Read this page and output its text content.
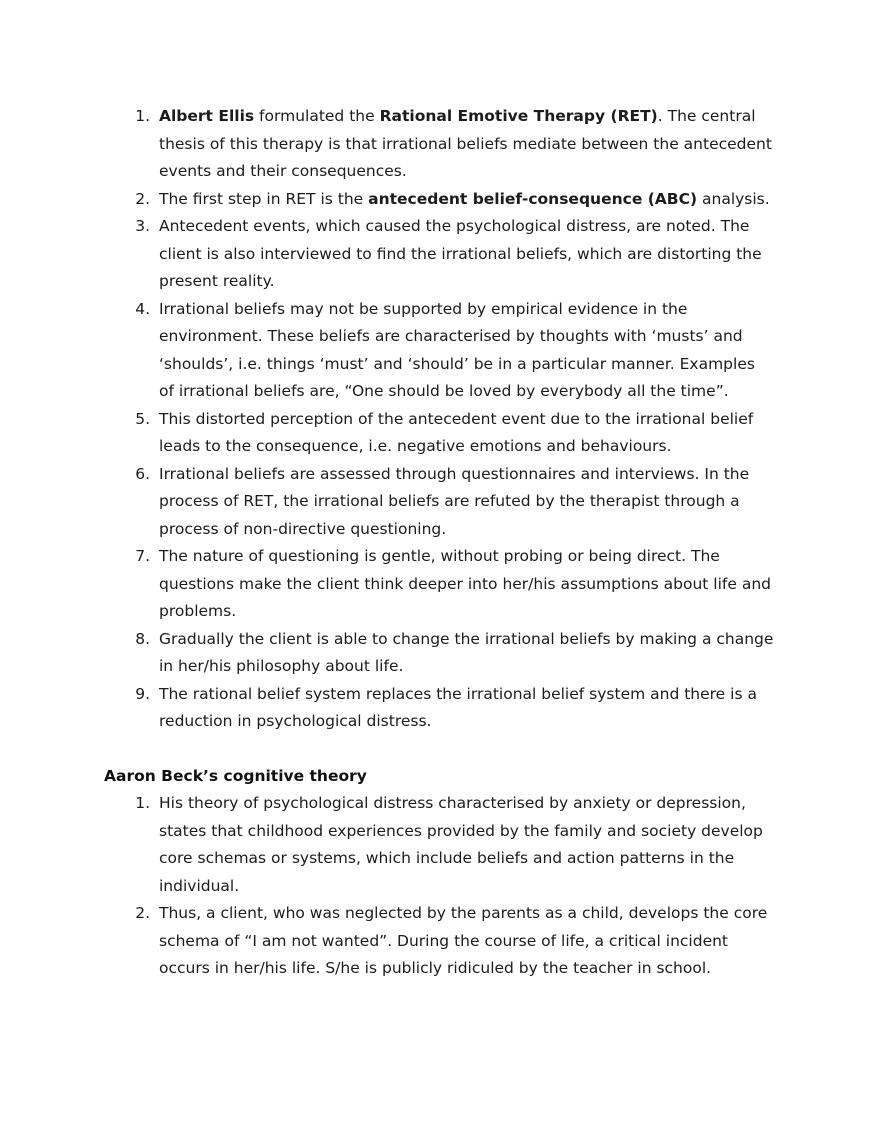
1. Albert Ellis formulated the Rational Emotive Therapy (RET). The central thesis of this therapy is that irrational beliefs mediate between the antecedent events and their consequences.
2. The first step in RET is the antecedent belief-consequence (ABC) analysis.
3. Antecedent events, which caused the psychological distress, are noted. The client is also interviewed to find the irrational beliefs, which are distorting the present reality.
4. Irrational beliefs may not be supported by empirical evidence in the environment. These beliefs are characterised by thoughts with ‘musts’ and ‘shoulds’, i.e. things ‘must’ and ‘should’ be in a particular manner. Examples of irrational beliefs are, “One should be loved by everybody all the time”.
5. This distorted perception of the antecedent event due to the irrational belief leads to the consequence, i.e. negative emotions and behaviours.
6. Irrational beliefs are assessed through questionnaires and interviews. In the process of RET, the irrational beliefs are refuted by the therapist through a process of non-directive questioning.
7. The nature of questioning is gentle, without probing or being direct. The questions make the client think deeper into her/his assumptions about life and problems.
8. Gradually the client is able to change the irrational beliefs by making a change in her/his philosophy about life.
9. The rational belief system replaces the irrational belief system and there is a reduction in psychological distress.
Aaron Beck’s cognitive theory
1. His theory of psychological distress characterised by anxiety or depression, states that childhood experiences provided by the family and society develop core schemas or systems, which include beliefs and action patterns in the individual.
2. Thus, a client, who was neglected by the parents as a child, develops the core schema of “I am not wanted”. During the course of life, a critical incident occurs in her/his life. S/he is publicly ridiculed by the teacher in school.
